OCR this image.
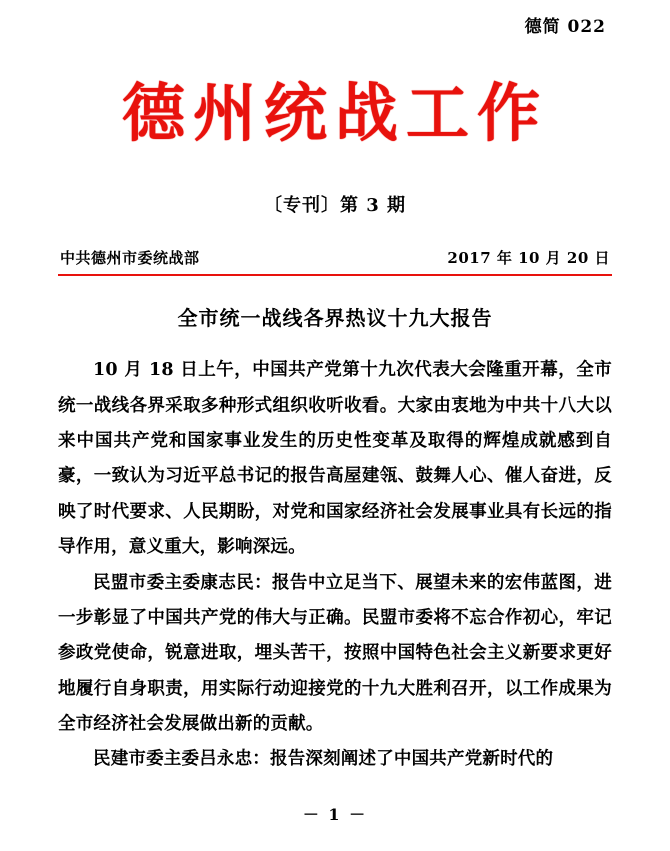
德简 022
德州统战工作
〔专刊〕第 3 期
中共德州市委统战部	2017 年 10 月 20 日
全市统一战线各界热议十九大报告

10 月 18 日上午，中国共产党第十九次代表大会隆重开幕，全市统一战线各界采取多种形式组织收听收看。大家由衷地为中共十八大以来中国共产党和国家事业发生的历史性变革及取得的辉煌成就感到自豪，一致认为习近平总书记的报告高屋建瓴、鼓舞人心、催人奋进，反映了时代要求、人民期盼，对党和国家经济社会发展事业具有长远的指导作用，意义重大，影响深远。

民盟市委主委康志民：报告中立足当下、展望未来的宏伟蓝图，进一步彰显了中国共产党的伟大与正确。民盟市委将不忘合作初心，牢记参政党使命，锐意进取，埋头苦干，按照中国特色社会主义新要求更好地履行自身职责，用实际行动迎接党的十九大胜利召开，以工作成果为全市经济社会发展做出新的贡献。

民建市委主委吕永忠：报告深刻阐述了中国共产党新时代的

－ 1 －
